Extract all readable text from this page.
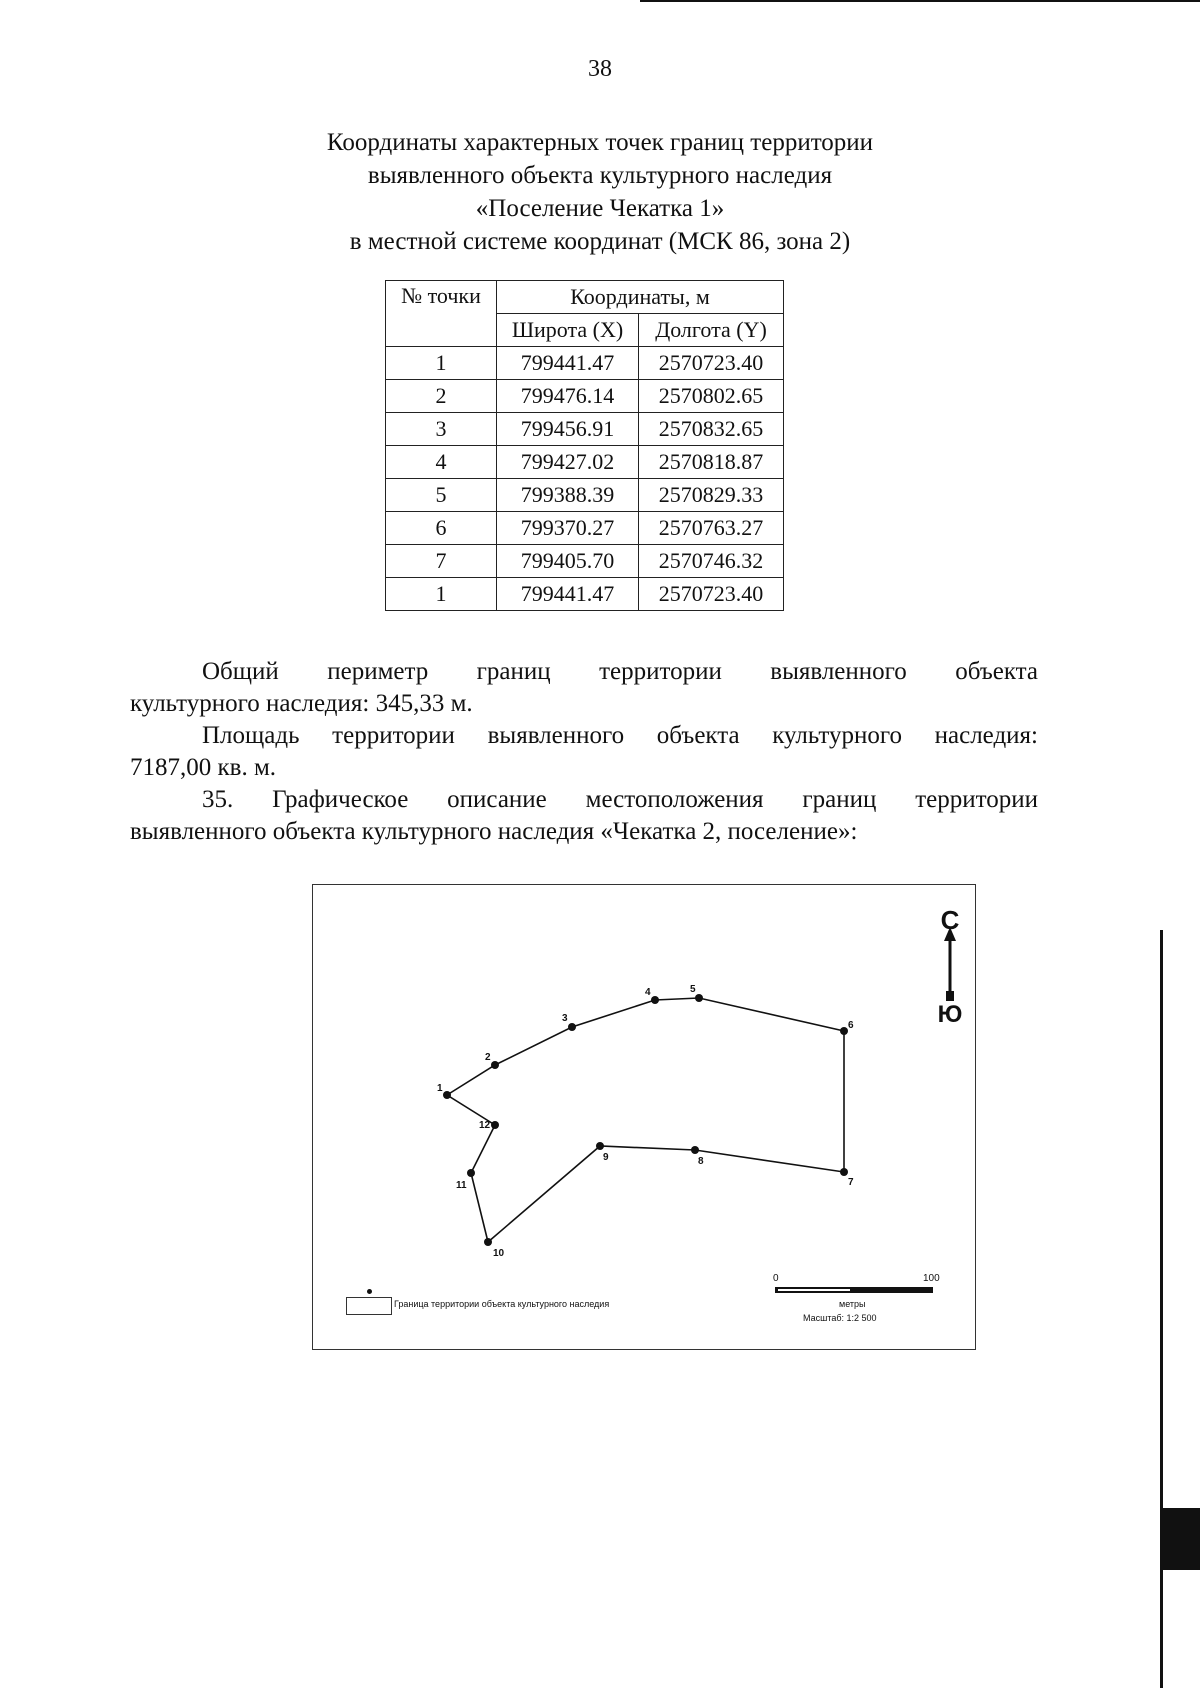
38
Координаты характерных точек границ территории
выявленного объекта культурного наследия
«Поселение Чекатка 1»
в местной системе координат (МСК 86, зона 2)
№ точки	Координаты, м	
	Широта (X)	Долгота (Y)
1	799441.47	2570723.40
2	799476.14	2570802.65
3	799456.91	2570832.65
4	799427.02	2570818.87
5	799388.39	2570829.33
6	799370.27	2570763.27
7	799405.70	2570746.32
1	799441.47	2570723.40

Общий периметр границ территории выявленного объекта

культурного наследия: 345,33 м.

Площадь территории выявленного объекта культурного наследия:

7187,00 кв. м.

35. Графическое описание местоположения границ территории

выявленного объекта культурного наследия «Чекатка 2, поселение»:

1
2
3
4	5
6
7
8
9
10
11
12
С
Ю
Граница территории объекта культурного наследия
0	100
метры
Масштаб: 1:2 500
